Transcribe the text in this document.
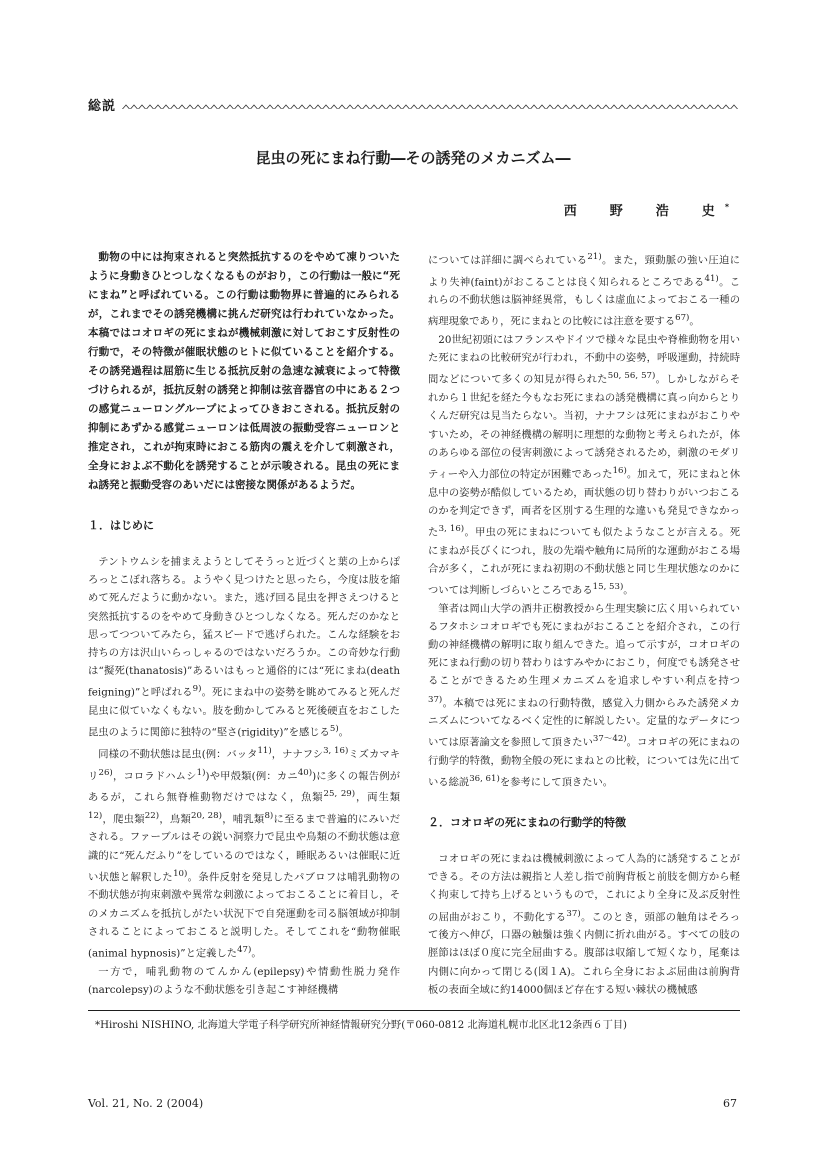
総説
昆虫の死にまね行動―その誘発のメカニズム―
西　野　浩　史*

動物の中には拘束されると突然抵抗するのをやめて凍りついたように身動きひとつしなくなるものがおり，この行動は一般に“死にまね”と呼ばれている。この行動は動物界に普遍的にみられるが，これまでその誘発機構に挑んだ研究は行われていなかった。本稿ではコオロギの死にまねが機械刺激に対しておこす反射性の行動で，その特徴が催眠状態のヒトに似ていることを紹介する。その誘発過程は屈筋に生じる抵抗反射の急速な減衰によって特徴づけられるが，抵抗反射の誘発と抑制は弦音器官の中にある２つの感覚ニューロングループによってひきおこされる。抵抗反射の抑制にあずかる感覚ニューロンは低周波の振動受容ニューロンと推定され，これが拘束時におこる筋肉の震えを介して刺激され，全身におよぶ不動化を誘発することが示唆される。昆虫の死にまね誘発と振動受容のあいだには密接な関係があるようだ。

１．はじめに

テントウムシを捕まえようとしてそうっと近づくと葉の上からぽろっとこぼれ落ちる。ようやく見つけたと思ったら，今度は肢を縮めて死んだように動かない。また，逃げ回る昆虫を押さえつけると突然抵抗するのをやめて身動きひとつしなくなる。死んだのかなと思ってつついてみたら，猛スピードで逃げられた。こんな経験をお持ちの方は沢山いらっしゃるのではないだろうか。この奇妙な行動は“擬死(thanatosis)”あるいはもっと通俗的には“死にまね(death feigning)”と呼ばれる$^{9)}$。死にまね中の姿勢を眺めてみると死んだ昆虫に似ていなくもない。肢を動かしてみると死後硬直をおこした昆虫のように関節に独特の“堅さ(rigidity)”を感じる$^{5)}$。

同様の不動状態は昆虫(例：バッタ$^{11)}$，ナナフシ$^{3, 16)}$ミズカマキリ$^{26)}$，コロラドハムシ$^{1)}$)や甲殻類(例：カニ$^{40)}$)に多くの報告例があるが，これら無脊椎動物だけではなく，魚類$^{25, 29)}$，両生類$^{12)}$，爬虫類$^{22)}$，鳥類$^{20, 28)}$，哺乳類$^{8)}$に至るまで普遍的にみいだされる。ファーブルはその鋭い洞察力で昆虫や鳥類の不動状態は意識的に“死んだふり”をしているのではなく，睡眠あるいは催眠に近い状態と解釈した$^{10)}$。条件反射を発見したパブロフは哺乳動物の不動状態が拘束刺激や異常な刺激によっておこることに着目し，そのメカニズムを抵抗しがたい状況下で自発運動を司る脳領域が抑制されることによっておこると説明した。そしてこれを“動物催眠(animal hypnosis)”と定義した$^{47)}$。

一方で，哺乳動物のてんかん(epilepsy)や情動性脱力発作(narcolepsy)のような不動状態を引き起こす神経機構

については詳細に調べられている$^{21)}$。また，頸動脈の強い圧迫により失神(faint)がおこることは良く知られるところである$^{41)}$。これらの不動状態は脳神経異常，もしくは虚血によっておこる一種の病理現象であり，死にまねとの比較には注意を要する$^{67)}$。

20世紀初頭にはフランスやドイツで様々な昆虫や脊椎動物を用いた死にまねの比較研究が行われ，不動中の姿勢，呼吸運動，持続時間などについて多くの知見が得られた$^{50, 56, 57)}$。しかしながらそれから１世紀を経た今もなお死にまねの誘発機構に真っ向からとりくんだ研究は見当たらない。当初，ナナフシは死にまねがおこりやすいため，その神経機構の解明に理想的な動物と考えられたが，体のあらゆる部位の侵害刺激によって誘発されるため，刺激のモダリティーや入力部位の特定が困難であった$^{16)}$。加えて，死にまねと休息中の姿勢が酷似しているため，両状態の切り替わりがいつおこるのかを判定できず，両者を区別する生理的な違いも発見できなかった$^{3, 16)}$。甲虫の死にまねについても似たようなことが言える。死にまねが長びくにつれ，肢の先端や触角に局所的な運動がおこる場合が多く，これが死にまね初期の不動状態と同じ生理状態なのかについては判断しづらいところである$^{15, 53)}$。

筆者は岡山大学の酒井正樹教授から生理実験に広く用いられているフタホシコオロギでも死にまねがおこることを紹介され，この行動の神経機構の解明に取り組んできた。追って示すが，コオロギの死にまね行動の切り替わりはすみやかにおこり，何度でも誘発させることができるため生理メカニズムを追求しやすい利点を持つ$^{37)}$。本稿では死にまねの行動特徴，感覚入力側からみた誘発メカニズムについてなるべく定性的に解説したい。定量的なデータについては原著論文を参照して頂きたい$^{37〜42)}$。コオロギの死にまねの行動学的特徴，動物全般の死にまねとの比較，については先に出ている総説$^{36, 61)}$を参考にして頂きたい。

２．コオロギの死にまねの行動学的特徴

コオロギの死にまねは機械刺激によって人為的に誘発することができる。その方法は親指と人差し指で前胸背板と前肢を側方から軽く拘束して持ち上げるというもので，これにより全身に及ぶ反射性の屈曲がおこり，不動化する$^{37)}$。このとき，頭部の触角はそろって後方へ伸び，口器の触鬚は強く内側に折れ曲がる。すべての肢の脛節はほぼ０度に完全屈曲する。腹部は収縮して短くなり，尾棄は内側に向かって閉じる(図１A)。これら全身におよぶ屈曲は前胸背板の表面全域に約14000個ほど存在する短い棘状の機械感

*Hiroshi NISHINO, 北海道大学電子科学研究所神経情報研究分野(〒060-0812 北海道札幌市北区北12条西６丁目)
Vol. 21, No. 2 (2004)	67
